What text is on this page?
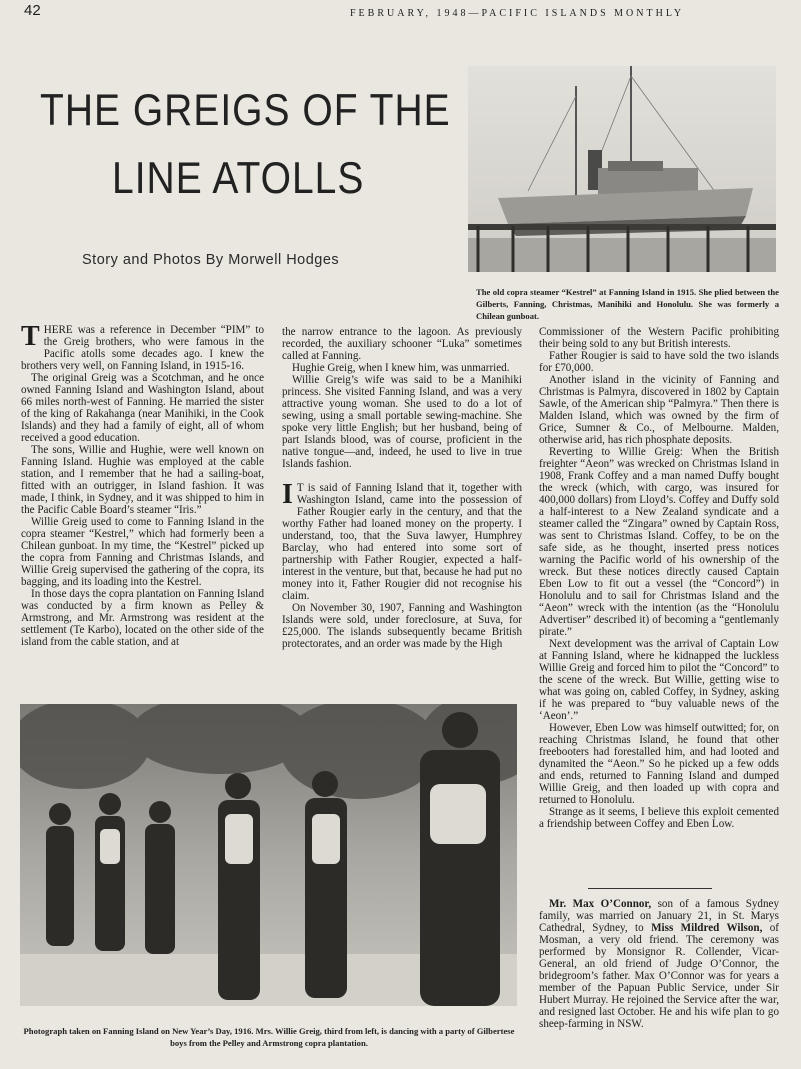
42	FEBRUARY, 1948—PACIFIC ISLANDS MONTHLY
THE GREIGS OF THE
LINE ATOLLS
Story and Photos By Morwell Hodges
The old copra steamer “Kestrel” at Fanning Island in 1915. She plied between the Gilberts, Fanning, Christmas, Manihiki and Honolulu. She was formerly a Chilean gunboat.

THERE was a reference in December “PIM” to the Greig brothers, who were famous in the Pacific atolls some decades ago. I knew the brothers very well, on Fanning Island, in 1915-16.

The original Greig was a Scotchman, and he once owned Fanning Island and Washington Island, about 66 miles north-west of Fanning. He married the sister of the king of Rakahanga (near Manihiki, in the Cook Islands) and they had a family of eight, all of whom received a good education.

The sons, Willie and Hughie, were well known on Fanning Island. Hughie was employed at the cable station, and I remember that he had a sailing-boat, fitted with an outrigger, in Island fashion. It was made, I think, in Sydney, and it was shipped to him in the Pacific Cable Board’s steamer “Iris.”

Willie Greig used to come to Fanning Island in the copra steamer “Kestrel,” which had formerly been a Chilean gunboat. In my time, the “Kestrel” picked up the copra from Fanning and Christmas Islands, and Willie Greig supervised the gathering of the copra, its bagging, and its loading into the Kestrel.

In those days the copra plantation on Fanning Island was conducted by a firm known as Pelley & Armstrong, and Mr. Armstrong was resident at the settlement (Te Karbo), located on the other side of the island from the cable station, and at

the narrow entrance to the lagoon. As previously recorded, the auxiliary schooner “Luka” sometimes called at Fanning.

Hughie Greig, when I knew him, was unmarried.

Willie Greig’s wife was said to be a Manihiki princess. She visited Fanning Island, and was a very attractive young woman. She used to do a lot of sewing, using a small portable sewing-machine. She spoke very little English; but her husband, being of part Islands blood, was of course, proficient in the native tongue—and, indeed, he used to live in true Islands fashion.

I T is said of Fanning Island that it, together with Washington Island, came into the possession of Father Rougier early in the century, and that the worthy Father had loaned money on the property. I understand, too, that the Suva lawyer, Humphrey Barclay, who had entered into some sort of partnership with Father Rougier, expected a half-interest in the venture, but that, because he had put no money into it, Father Rougier did not recognise his claim.

On November 30, 1907, Fanning and Washington Islands were sold, under foreclosure, at Suva, for £25,000. The islands subsequently became British protectorates, and an order was made by the High

Commissioner of the Western Pacific prohibiting their being sold to any but British interests.

Father Rougier is said to have sold the two islands for £70,000.

Another island in the vicinity of Fanning and Christmas is Palmyra, discovered in 1802 by Captain Sawle, of the American ship “Palmyra.” Then there is Malden Island, which was owned by the firm of Grice, Sumner & Co., of Melbourne. Malden, otherwise arid, has rich phosphate deposits.

Reverting to Willie Greig: When the British freighter “Aeon” was wrecked on Christmas Island in 1908, Frank Coffey and a man named Duffy bought the wreck (which, with cargo, was insured for 400,000 dollars) from Lloyd’s. Coffey and Duffy sold a half-interest to a New Zealand syndicate and a steamer called the “Zingara” owned by Captain Ross, was sent to Christmas Island. Coffey, to be on the safe side, as he thought, inserted press notices warning the Pacific world of his ownership of the wreck. But these notices directly caused Captain Eben Low to fit out a vessel (the “Concord”) in Honolulu and to sail for Christmas Island and the “Aeon” wreck with the intention (as the “Honolulu Advertiser” described it) of becoming a “gentlemanly pirate.”

Next development was the arrival of Captain Low at Fanning Island, where he kidnapped the luckless Willie Greig and forced him to pilot the “Concord” to the scene of the wreck. But Willie, getting wise to what was going on, cabled Coffey, in Sydney, asking if he was prepared to “buy valuable news of the ‘Aeon’.”

However, Eben Low was himself outwitted; for, on reaching Christmas Island, he found that other freebooters had forestalled him, and had looted and dynamited the “Aeon.” So he picked up a few odds and ends, returned to Fanning Island and dumped Willie Greig, and then loaded up with copra and returned to Honolulu.

Strange as it seems, I believe this exploit cemented a friendship between Coffey and Eben Low.

Mr. Max O’Connor, son of a famous Sydney family, was married on January 21, in St. Marys Cathedral, Sydney, to Miss Mildred Wilson, of Mosman, a very old friend. The ceremony was performed by Monsignor R. Collender, Vicar-General, an old friend of Judge O’Connor, the bridegroom’s father. Max O’Connor was for years a member of the Papuan Public Service, under Sir Hubert Murray. He rejoined the Service after the war, and resigned last October. He and his wife plan to go sheep-farming in NSW.

Photograph taken on Fanning Island on New Year’s Day, 1916. Mrs. Willie Greig, third from left, is dancing with a party of Gilbertese boys from the Pelley and Armstrong copra plantation.
